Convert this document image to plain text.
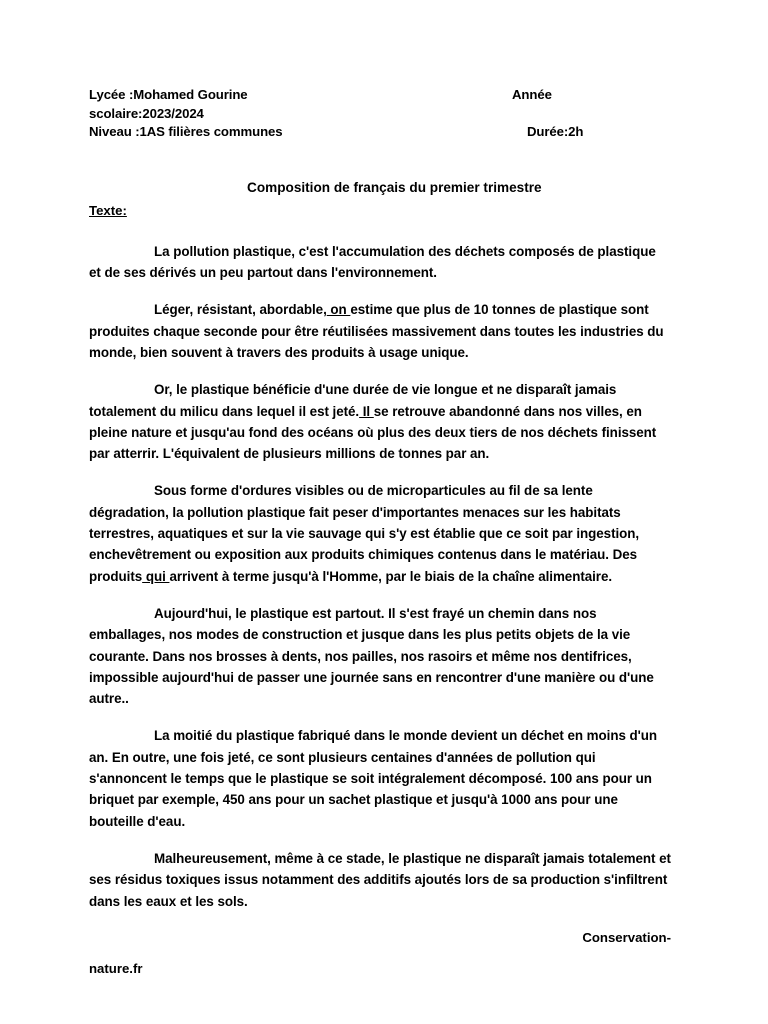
Lycée :Mohamed Gourine	Année
scolaire:2023/2024
Niveau :1AS filières communes	Durée:2h
Composition de français du premier trimestre
Texte:

La pollution plastique, c'est l'accumulation des déchets composés de plastique et de ses dérivés un peu partout dans l'environnement.

Léger, résistant, abordable, on estime que plus de 10 tonnes de plastique sont produites chaque seconde pour être réutilisées massivement dans toutes les industries du monde, bien souvent à travers des produits à usage unique.

Or, le plastique bénéficie d'une durée de vie longue et ne disparaît jamais totalement du milicu dans lequel il est jeté. Il se retrouve abandonné dans nos villes, en pleine nature et jusqu'au fond des océans où plus des deux tiers de nos déchets finissent par atterrir. L'équivalent de plusieurs millions de tonnes par an.

Sous forme d'ordures visibles ou de microparticules au fil de sa lente dégradation, la pollution plastique fait peser d'importantes menaces sur les habitats terrestres, aquatiques et sur la vie sauvage qui s'y est établie que ce soit par ingestion, enchevêtrement ou exposition aux produits chimiques contenus dans le matériau. Des produits qui arrivent à terme jusqu'à l'Homme, par le biais de la chaîne alimentaire.

Aujourd'hui, le plastique est partout. Il s'est frayé un chemin dans nos emballages, nos modes de construction et jusque dans les plus petits objets de la vie courante. Dans nos brosses à dents, nos pailles, nos rasoirs et même nos dentifrices, impossible aujourd'hui de passer une journée sans en rencontrer d'une manière ou d'une autre..

La moitié du plastique fabriqué dans le monde devient un déchet en moins d'un an. En outre, une fois jeté, ce sont plusieurs centaines d'années de pollution qui s'annoncent le temps que le plastique se soit intégralement décomposé. 100 ans pour un briquet par exemple, 450 ans pour un sachet plastique et jusqu'à 1000 ans pour une bouteille d'eau.

Malheureusement, même à ce stade, le plastique ne disparaît jamais totalement et ses résidus toxiques issus notamment des additifs ajoutés lors de sa production s'infiltrent dans les eaux et les sols.

Conservation-
nature.fr
